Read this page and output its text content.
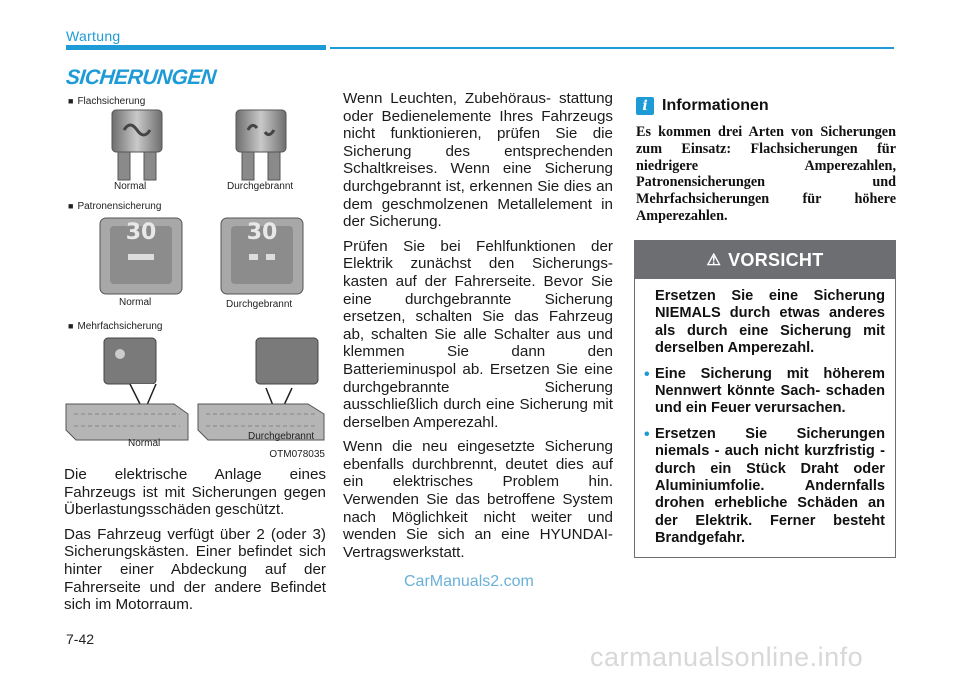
Wartung
SICHERUNGEN
■ Flachsicherung
Normal	Durchgebrannt
■ Patronensicherung
30	30
Normal	Durchgebrannt
■ Mehrfachsicherung
Normal
Durchgebrannt
OTM078035

Die elektrische Anlage eines Fahrzeugs ist mit Sicherungen gegen Überlastungsschäden geschützt.

Das Fahrzeug verfügt über 2 (oder 3) Sicherungskästen. Einer befindet sich hinter einer Abdeckung auf der Fahrerseite und der andere Befindet sich im Motorraum.

Wenn Leuchten, Zubehöraus- stattung oder Bedienelemente Ihres Fahrzeugs nicht funktionieren, prüfen Sie die Sicherung des entsprechenden Schaltkreises. Wenn eine Sicherung durchgebrannt ist, erkennen Sie dies an dem geschmolzenen Metallelement in der Sicherung.

Prüfen Sie bei Fehlfunktionen der Elektrik zunächst den Sicherungs- kasten auf der Fahrerseite. Bevor Sie eine durchgebrannte Sicherung ersetzen, schalten Sie das Fahrzeug ab, schalten Sie alle Schalter aus und klemmen Sie dann den Batterieminuspol ab. Ersetzen Sie eine durchgebrannte Sicherung ausschließlich durch eine Sicherung mit derselben Amperezahl.

Wenn die neu eingesetzte Sicherung ebenfalls durchbrennt, deutet dies auf ein elektrisches Problem hin. Verwenden Sie das betroffene System nach Möglichkeit nicht weiter und wenden Sie sich an eine HYUNDAI-Vertragswerkstatt.

i Informationen
Es kommen drei Arten von Sicherungen zum Einsatz: Flachsicherungen für niedrigere Amperezahlen, Patronensicherungen und Mehrfachsicherungen für höhere Amperezahlen.
⚠ VORSICHT

Ersetzen Sie eine Sicherung NIEMALS durch etwas anderes als durch eine Sicherung mit derselben Amperezahl.

• Eine Sicherung mit höherem Nennwert könnte Sach- schaden und ein Feuer verursachen.
• Ersetzen Sie Sicherungen niemals - auch nicht kurzfristig - durch ein Stück Draht oder Aluminiumfolie. Andernfalls drohen erhebliche Schäden an der Elektrik. Ferner besteht Brandgefahr.
CarManuals2.com
7-42
carmanualsonline.info
